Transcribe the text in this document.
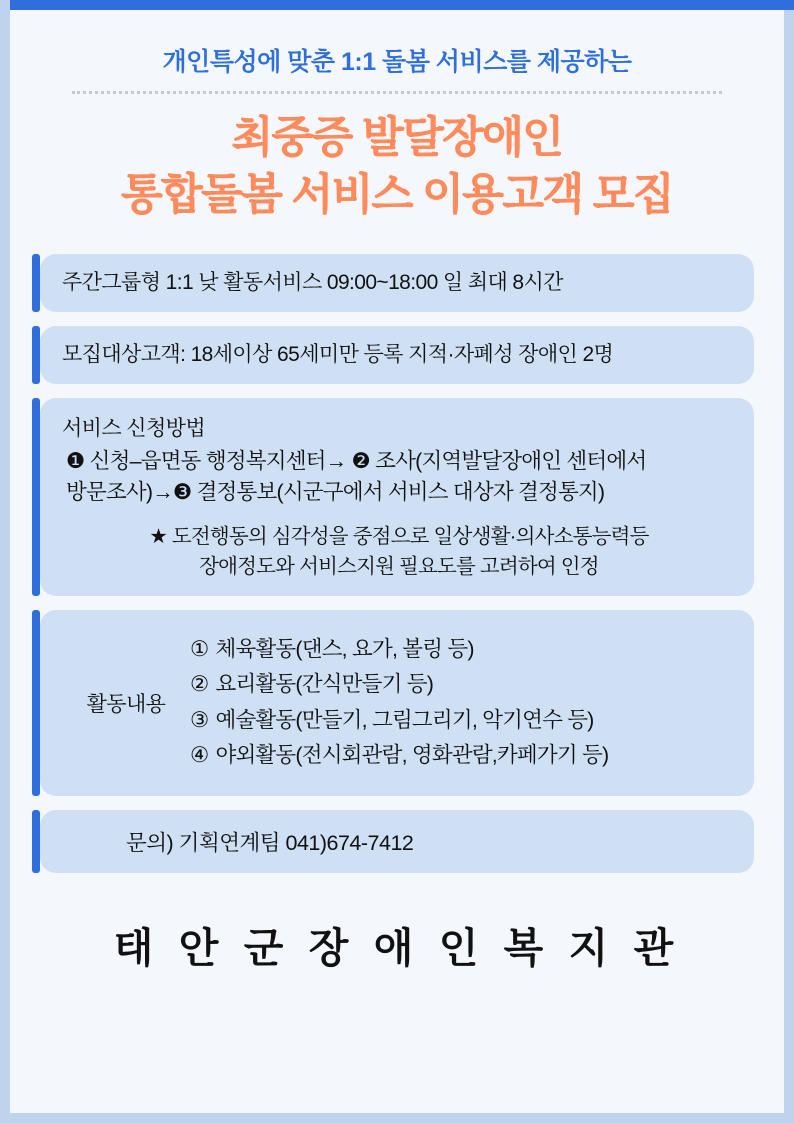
개인특성에 맞춘 1:1 돌봄 서비스를 제공하는
최중증 발달장애인
통합돌봄 서비스 이용고객 모집
주간그룹형 1:1 낮 활동서비스 09:00~18:00 일 최대 8시간
모집대상고객: 18세이상 65세미만 등록 지적·자폐성 장애인 2명
서비스 신청방법
❶ 신청–읍면동 행정복지센터→ ❷ 조사(지역발달장애인 센터에서
방문조사)→❸ 결정통보(시군구에서 서비스 대상자 결정통지)
★ 도전행동의 심각성을 중점으로 일상생활·의사소통능력등
장애정도와 서비스지원 필요도를 고려하여 인정
활동내용
① 체육활동(댄스, 요가, 볼링 등)
② 요리활동(간식만들기 등)
③ 예술활동(만들기, 그림그리기, 악기연수 등)
④ 야외활동(전시회관람, 영화관람,카페가기 등)
문의) 기획연계팀 041)674-7412
태 안 군 장 애 인 복 지 관
